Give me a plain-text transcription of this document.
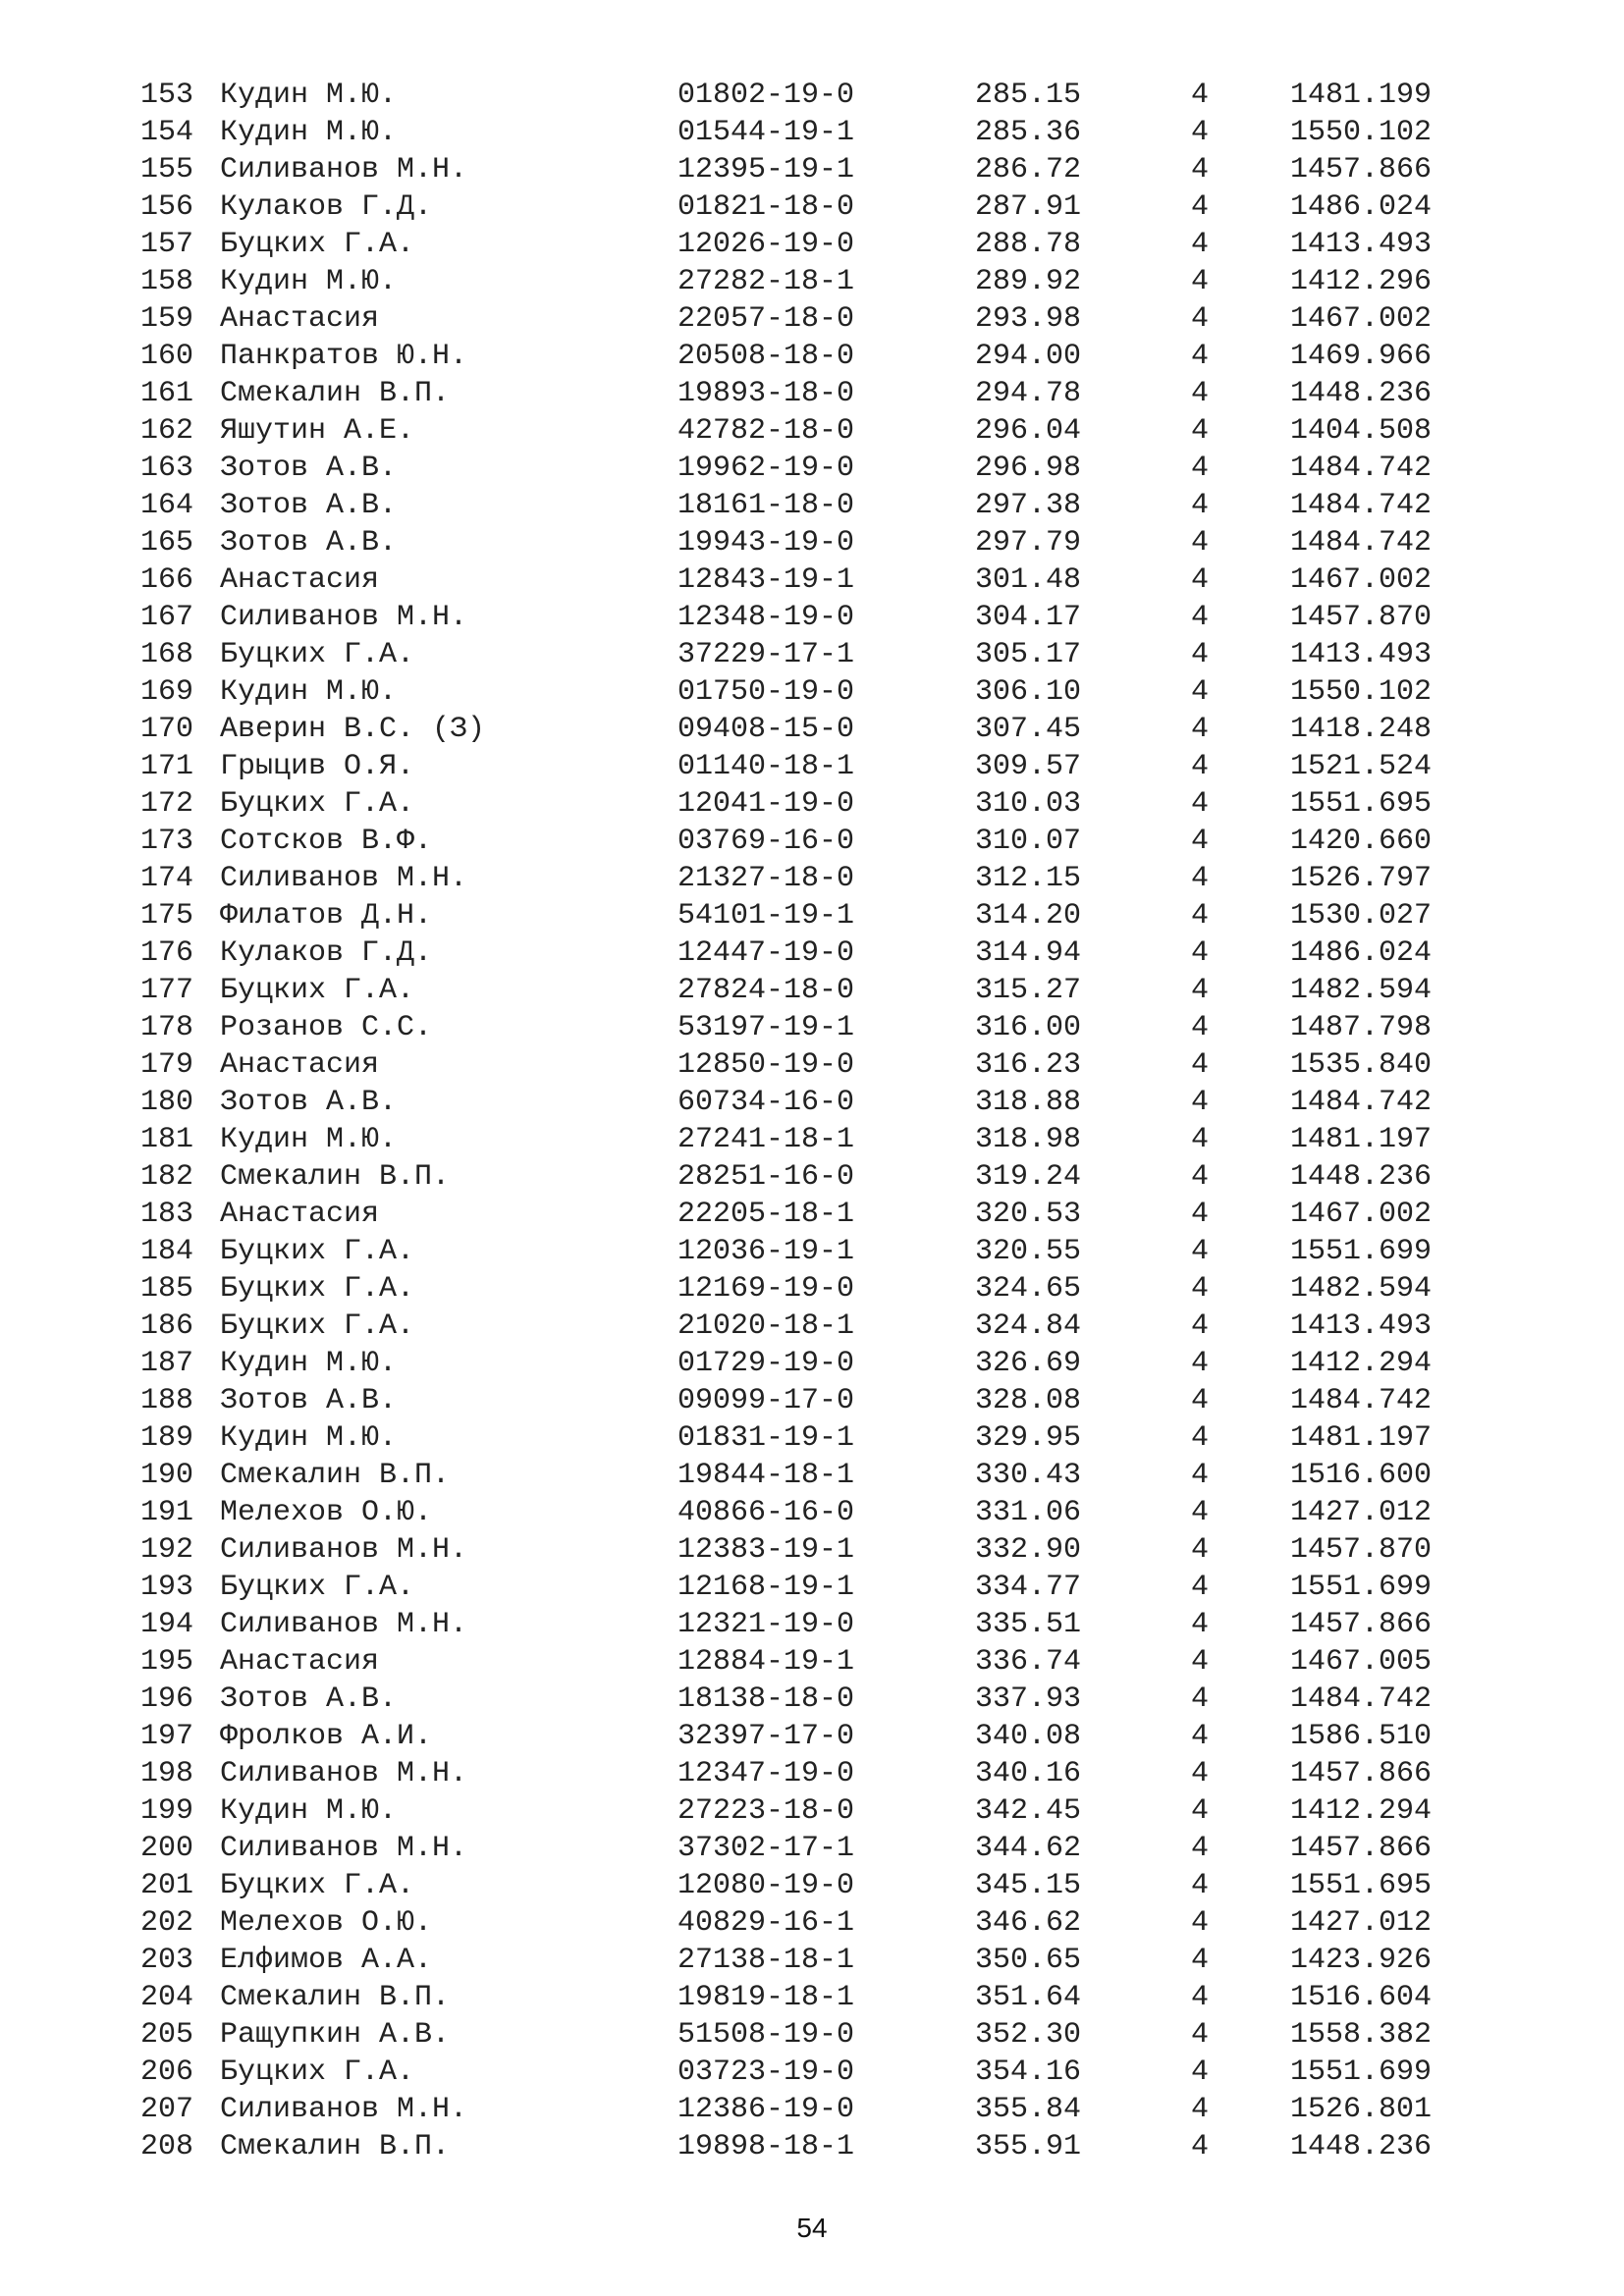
153 Кудин М.Ю.	01802-19-0	285.15	4	1481.199
154 Кудин М.Ю.	01544-19-1	285.36	4	1550.102
155 Силиванов М.Н.	12395-19-1	286.72	4	1457.866
156 Кулаков Г.Д.	01821-18-0	287.91	4	1486.024
157 Буцких Г.А.	12026-19-0	288.78	4	1413.493
158 Кудин М.Ю.	27282-18-1	289.92	4	1412.296
159 Анастасия	22057-18-0	293.98	4	1467.002
160 Панкратов Ю.Н.	20508-18-0	294.00	4	1469.966
161 Смекалин В.П.	19893-18-0	294.78	4	1448.236
162 Яшутин А.Е.	42782-18-0	296.04	4	1404.508
163 Зотов А.В.	19962-19-0	296.98	4	1484.742
164 Зотов А.В.	18161-18-0	297.38	4	1484.742
165 Зотов А.В.	19943-19-0	297.79	4	1484.742
166 Анастасия	12843-19-1	301.48	4	1467.002
167 Силиванов М.Н.	12348-19-0	304.17	4	1457.870
168 Буцких Г.А.	37229-17-1	305.17	4	1413.493
169 Кудин М.Ю.	01750-19-0	306.10	4	1550.102
170 Аверин В.С. (З)	09408-15-0	307.45	4	1418.248
171 Грыцив О.Я.	01140-18-1	309.57	4	1521.524
172 Буцких Г.А.	12041-19-0	310.03	4	1551.695
173 Сотсков В.Ф.	03769-16-0	310.07	4	1420.660
174 Силиванов М.Н.	21327-18-0	312.15	4	1526.797
175 Филатов Д.Н.	54101-19-1	314.20	4	1530.027
176 Кулаков Г.Д.	12447-19-0	314.94	4	1486.024
177 Буцких Г.А.	27824-18-0	315.27	4	1482.594
178 Розанов С.С.	53197-19-1	316.00	4	1487.798
179 Анастасия	12850-19-0	316.23	4	1535.840
180 Зотов А.В.	60734-16-0	318.88	4	1484.742
181 Кудин М.Ю.	27241-18-1	318.98	4	1481.197
182 Смекалин В.П.	28251-16-0	319.24	4	1448.236
183 Анастасия	22205-18-1	320.53	4	1467.002
184 Буцких Г.А.	12036-19-1	320.55	4	1551.699
185 Буцких Г.А.	12169-19-0	324.65	4	1482.594
186 Буцких Г.А.	21020-18-1	324.84	4	1413.493
187 Кудин М.Ю.	01729-19-0	326.69	4	1412.294
188 Зотов А.В.	09099-17-0	328.08	4	1484.742
189 Кудин М.Ю.	01831-19-1	329.95	4	1481.197
190 Смекалин В.П.	19844-18-1	330.43	4	1516.600
191 Мелехов О.Ю.	40866-16-0	331.06	4	1427.012
192 Силиванов М.Н.	12383-19-1	332.90	4	1457.870
193 Буцких Г.А.	12168-19-1	334.77	4	1551.699
194 Силиванов М.Н.	12321-19-0	335.51	4	1457.866
195 Анастасия	12884-19-1	336.74	4	1467.005
196 Зотов А.В.	18138-18-0	337.93	4	1484.742
197 Фролков А.И.	32397-17-0	340.08	4	1586.510
198 Силиванов М.Н.	12347-19-0	340.16	4	1457.866
199 Кудин М.Ю.	27223-18-0	342.45	4	1412.294
200 Силиванов М.Н.	37302-17-1	344.62	4	1457.866
201 Буцких Г.А.	12080-19-0	345.15	4	1551.695
202 Мелехов О.Ю.	40829-16-1	346.62	4	1427.012
203 Елфимов А.А.	27138-18-1	350.65	4	1423.926
204 Смекалин В.П.	19819-18-1	351.64	4	1516.604
205 Ращупкин А.В.	51508-19-0	352.30	4	1558.382
206 Буцких Г.А.	03723-19-0	354.16	4	1551.699
207 Силиванов М.Н.	12386-19-0	355.84	4	1526.801
208 Смекалин В.П.	19898-18-1	355.91	4	1448.236
54
